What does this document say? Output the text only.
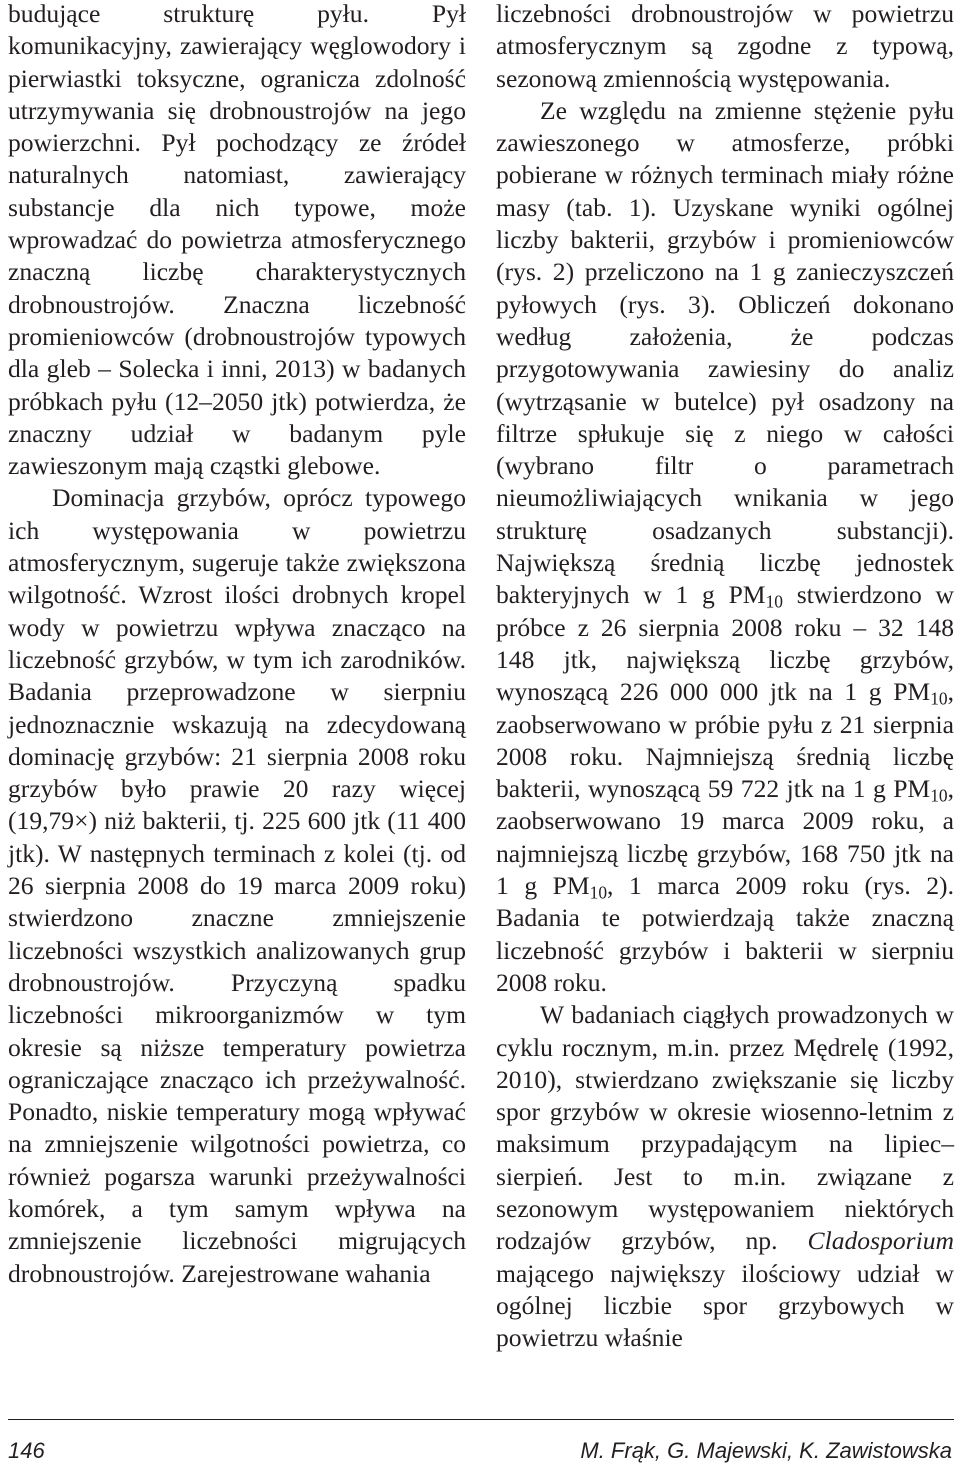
budujące strukturę pyłu. Pył komunikacyjny, zawierający węglowodory i pierwiastki toksyczne, ogranicza zdolność utrzymywania się drobnoustrojów na jego powierzchni. Pył pochodzący ze źródeł naturalnych natomiast, zawierający substancje dla nich typowe, może wprowadzać do powietrza atmosferycznego znaczną liczbę charakterystycznych drobnoustrojów. Znaczna liczebność promieniowców (drobnoustrojów typowych dla gleb – Solecka i inni, 2013) w badanych próbkach pyłu (12–2050 jtk) potwierdza, że znaczny udział w badanym pyle zawieszonym mają cząstki glebowe.

Dominacja grzybów, oprócz typowego ich występowania w powietrzu atmosferycznym, sugeruje także zwiększona wilgotność. Wzrost ilości drobnych kropel wody w powietrzu wpływa znacząco na liczebność grzybów, w tym ich zarodników. Badania przeprowadzone w sierpniu jednoznacznie wskazują na zdecydowaną dominację grzybów: 21 sierpnia 2008 roku grzybów było prawie 20 razy więcej (19,79×) niż bakterii, tj. 225 600 jtk (11 400 jtk). W następnych terminach z kolei (tj. od 26 sierpnia 2008 do 19 marca 2009 roku) stwierdzono znaczne zmniejszenie liczebności wszystkich analizowanych grup drobnoustrojów. Przyczyną spadku liczebności mikroorganizmów w tym okresie są niższe temperatury powietrza ograniczające znacząco ich przeżywalność. Ponadto, niskie temperatury mogą wpływać na zmniejszenie wilgotności powietrza, co również pogarsza warunki przeżywalności komórek, a tym samym wpływa na zmniejszenie liczebności migrujących drobnoustrojów. Zarejestrowane wahania

liczebności drobnoustrojów w powietrzu atmosferycznym są zgodne z typową, sezonową zmiennością występowania.

Ze względu na zmienne stężenie pyłu zawieszonego w atmosferze, próbki pobierane w różnych terminach miały różne masy (tab. 1). Uzyskane wyniki ogólnej liczby bakterii, grzybów i promieniowców (rys. 2) przeliczono na 1 g zanieczyszczeń pyłowych (rys. 3). Obliczeń dokonano według założenia, że podczas przygotowywania zawiesiny do analiz (wytrząsanie w butelce) pył osadzony na filtrze spłukuje się z niego w całości (wybrano filtr o parametrach nieumożliwiających wnikania w jego strukturę osadzanych substancji). Największą średnią liczbę jednostek bakteryjnych w 1 g $PM_{10}$ stwierdzono w próbce z 26 sierpnia 2008 roku – 32 148 148 jtk, największą liczbę grzybów, wynoszącą 226 000 000 jtk na 1 g $PM_{10}$, zaobserwowano w próbie pyłu z 21 sierpnia 2008 roku. Najmniejszą średnią liczbę bakterii, wynoszącą 59 722 jtk na 1 g $PM_{10}$, zaobserwowano 19 marca 2009 roku, a najmniejszą liczbę grzybów, 168 750 jtk na 1 g $PM_{10}$, 1 marca 2009 roku (rys. 2). Badania te potwierdzają także znaczną liczebność grzybów i bakterii w sierpniu 2008 roku.

W badaniach ciągłych prowadzonych w cyklu rocznym, m.in. przez Mędrelę (1992, 2010), stwierdzano zwiększanie się liczby spor grzybów w okresie wiosenno-letnim z maksimum przypadającym na lipiec–sierpień. Jest to m.in. związane z sezonowym występowaniem niektórych rodzajów grzybów, np. Cladosporium mającego największy ilościowy udział w ogólnej liczbie spor grzybowych w powietrzu właśnie

146	M. Frąk, G. Majewski, K. Zawistowska
